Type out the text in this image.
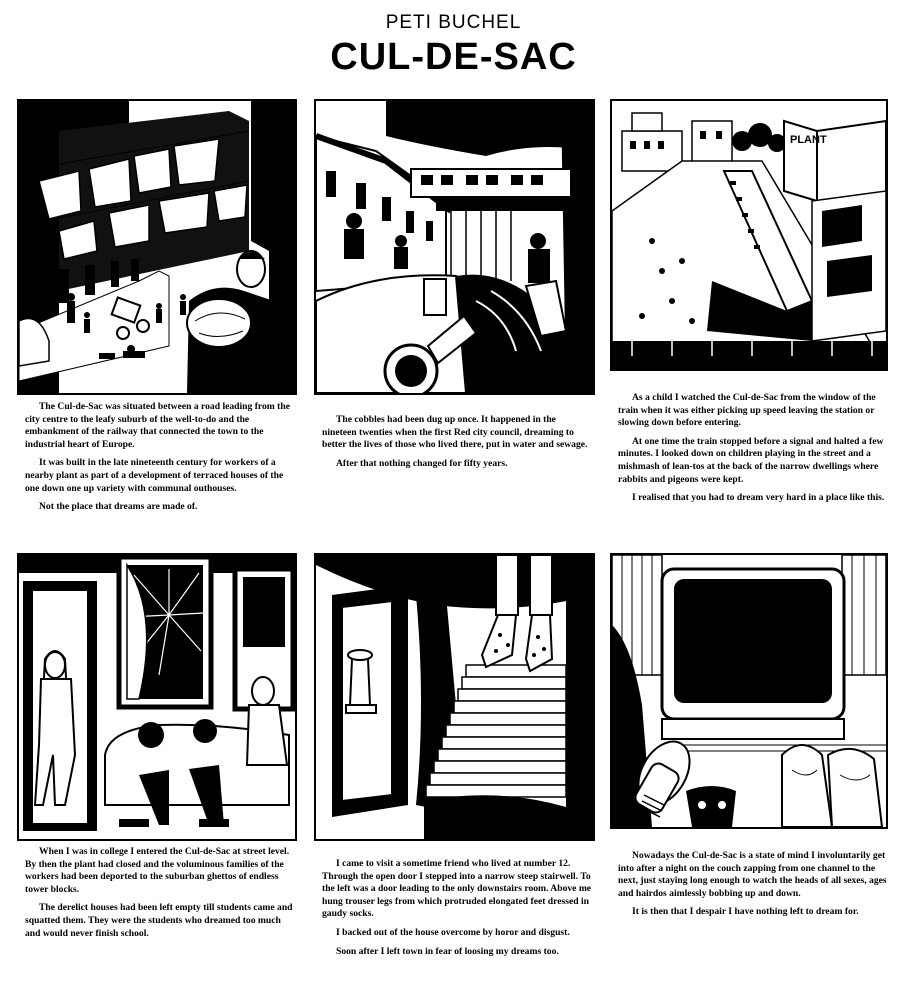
PETI BUCHEL
CUL-DE-SAC
PLANT

The Cul-de-Sac was situated between a road leading from the city centre to the leafy suburb of the well-to-do and the embankment of the railway that connected the town to the industrial heart of Europe.

It was built in the late nineteenth century for workers of a nearby plant as part of a development of terraced houses of the one down one up variety with communal outhouses.

Not the place that dreams are made of.

The cobbles had been dug up once. It happened in the nineteen twenties when the first Red city council, dreaming to better the lives of those who lived there, put in water and sewage.

After that nothing changed for fifty years.

As a child I watched the Cul-de-Sac from the window of the train when it was either picking up speed leaving the station or slowing down before entering.

At one time the train stopped before a signal and halted a few minutes. I looked down on children playing in the street and a mishmash of lean-tos at the back of the narrow dwellings where rabbits and pigeons were kept.

I realised that you had to dream very hard in a place like this.

When I was in college I entered the Cul-de-Sac at street level. By then the plant had closed and the voluminous families of the workers had been deported to the suburban ghettos of endless tower blocks.

The derelict houses had been left empty till students came and squatted them. They were the students who dreamed too much and would never finish school.

I came to visit a sometime friend who lived at number 12. Through the open door I stepped into a narrow steep stairwell. To the left was a door leading to the only downstairs room. Above me hung trouser legs from which protruded elongated feet dressed in gaudy socks.

I backed out of the house overcome by horor and disgust.

Soon after I left town in fear of loosing my dreams too.

Nowadays the Cul-de-Sac is a state of mind I involuntarily get into after a night on the couch zapping from one channel to the next, just staying long enough to watch the heads of all sexes, ages and hairdos aimlessly bobbing up and down.

It is then that I despair I have nothing left to dream for.
